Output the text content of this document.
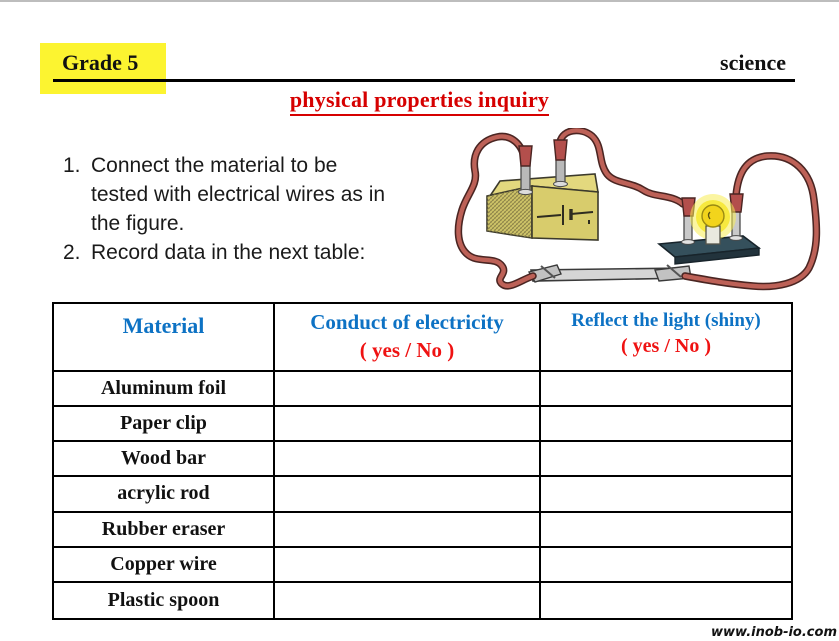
Grade 5	science
physical properties inquiry
1. Connect the material to be
tested with electrical wires as in
the figure.
2. Record data in the next table:
Material	Conduct of electricity
( yes / No )
Reflect the light (shiny)
( yes / No )
Aluminum foil
Paper clip
Wood bar
acrylic rod
Rubber eraser
Copper wire
Plastic spoon
www.inob-io.com
